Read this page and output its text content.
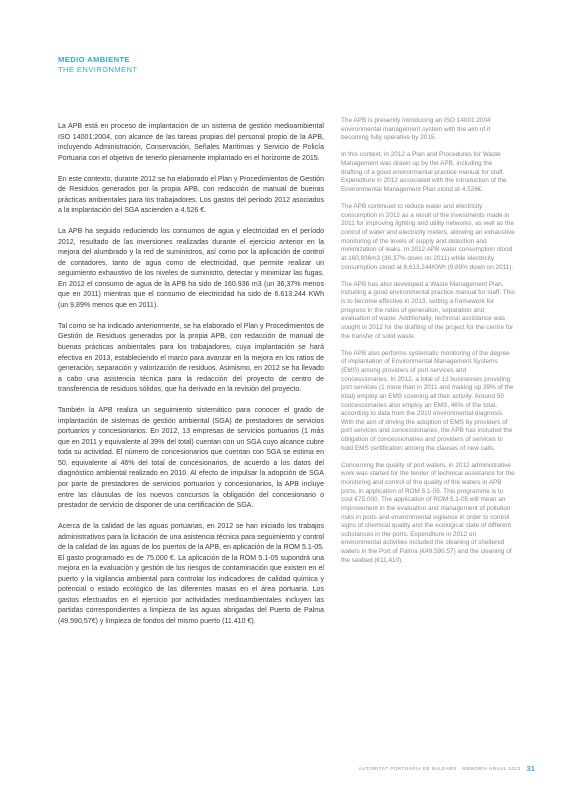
MEDIO AMBIENTE
THE ENVIRONMENT

La APB está en proceso de implantación de un sistema de gestión medioambiental ISO 14001:2004, con alcance de las tareas propias del personal propio de la APB, incluyendo Administración, Conservación, Señales Marítimas y Servicio de Policía Portuaria con el objetivo de tenerlo plenamente implantado en el horizonte de 2015.

En este contexto, durante 2012 se ha elaborado el Plan y Procedimientos de Gestión de Residuos generados por la propia APB, con redacción de manual de buenas prácticas ambientales para los trabajadores. Los gastos del período 2012 asociados a la implantación del SGA ascienden a 4.526 €.

La APB ha seguido reduciendo los consumos de agua y electricidad en el período 2012, resultado de las inversiones realizadas durante el ejercicio anterior en la mejora del alumbrado y la red de suministros, así como por la aplicación de control de contadores, tanto de agua como de electricidad, que permite realizar un seguimiento exhaustivo de los niveles de suministro, detectar y minimizar las fugas. En 2012 el consumo de agua de la APB ha sido de 160.936 m3 (un 36,37% menos que en 2011) mientras que el consumo de electricidad ha sido de 6.613.244 KWh (un 9,89% menos que en 2011).

Tal como se ha indicado anteriormente, se ha elaborado el Plan y Procedimientos de Gestión de Residuos generados por la propia APB, con redacción de manual de buenas prácticas ambientales para los trabajadores, cuya implantación se hará efectiva en 2013, estableciendo el marco para avanzar en la mejora en los ratios de generación, separación y valorización de residuos. Asimismo, en 2012 se ha llevado a cabo una asistencia técnica para la redacción del proyecto de centro de transferencia de residuos sólidos, que ha derivado en la revisión del proyecto.

También la APB realiza un seguimiento sistemático para conocer el grado de implantación de sistemas de gestión ambiental (SGA) de prestadores de servicios portuarios y concesionarios. En 2012, 13 empresas de servicios portuarios (1 más que en 2011 y equivalente al 39% del total) cuentan con un SGA cuyo alcance cubre toda su actividad. El número de concesionarios que cuentan con SGA se estima en 50, equivalente al 46% del total de concesionarios, de acuerdo a los datos del diagnóstico ambiental realizado en 2010. Al efecto de impulsar la adopción de SGA por parte de prestadores de servicios portuarios y concesionarios, la APB incluye entre las cláusulas de los nuevos concursos la obligación del concesionario o prestador de servicio de disponer de una certificación de SGA.

Acerca de la calidad de las aguas portuarias, en 2012 se han iniciado los trabajos administrativos para la licitación de una asistencia técnica para seguimiento y control de la calidad de las aguas de los puertos de la APB, en aplicación de la ROM 5.1-05. El gasto programado es de 75.000 €. La aplicación de la ROM 5.1-05 supondrá una mejora en la evaluación y gestión de los riesgos de contaminación que existen en el puerto y la vigilancia ambiental para controlar los indicadores de calidad química y potencial o estado ecológico de las diferentes masas en el área portuaria. Los gastos efectuados en el ejercicio por actividades medioambientales incluyen las partidas correspondientes a limpieza de las aguas abrigadas del Puerto de Palma (49.590,57€) y limpieza de fondos del mismo puerto (11.410 €).

The APB is presently introducing an ISO 14001:2004 environmental management system with the aim of it becoming fully operative by 2015.

In this context, in 2012 a Plan and Procedures for Waste Management was drawn up by the APB, including the drafting of a good environmental practice manual for staff. Expenditure in 2012 associated with the introduction of the Environmental Management Plan stood at 4.526€.

The APB continued to reduce water and electricity consumption in 2012 as a result of the investments made in 2011 for improving lighting and utility networks, as well as the control of water and electricity meters, allowing an exhaustive monitoring of the levels of supply and detection and minimization of leaks. In 2012 APB water consumption stood at 160,936m3 (36.37% down on 2011) while electricity consumption stood at 6,613,244KWh (9.89% down on 2011).

The APB has also developed a Waste Management Plan, including a good environmental practice manual for staff. This is to become effective in 2013, setting a framework for progress in the rates of generation, separation and evaluation of waste. Additionally, technical assistance was sought in 2012 for the drafting of the project for the centre for the transfer of solid waste.

The APB also performs systematic monitoring of the degree of implantation of Environmental Management Systems (EMS) among providers of port services and concessionaries. In 2012, a total of 13 businesses providing port services (1 more than in 2011 and making up 39% of the total) employ an EMS covering all their activity. Around 50 concessionaries also employ an EMS, 46% of the total, according to data from the 2010 environmental diagnosis. With the aim of driving the adoption of EMS by providers of port services and concessionaries, the APB has included the obligation of concessionaries and providers of services to hold EMS certification among the clauses of new calls.

Concerning the quality of port waters, in 2012 administrative work was started for the tender of technical assistance for the monitoring and control of the quality of the waters in APB ports, in application of ROM 5.1-05. This programme is to cost €75,000. The application of ROM 5.1-05 will mean an improvement in the evaluation and management of pollution risks in ports and environmental vigilance in order to control signs of chemical quality and the ecological state of different substances in the ports. Expenditure in 2012 on environmental activities included the cleaning of sheltered waters in the Port of Palma (€49,590.57) and the cleaning of the seabed (€11,410).

AUTORITAT PORTUÀRIA DE BALEARS · MEMÒRIA ANUAL 2012 31
